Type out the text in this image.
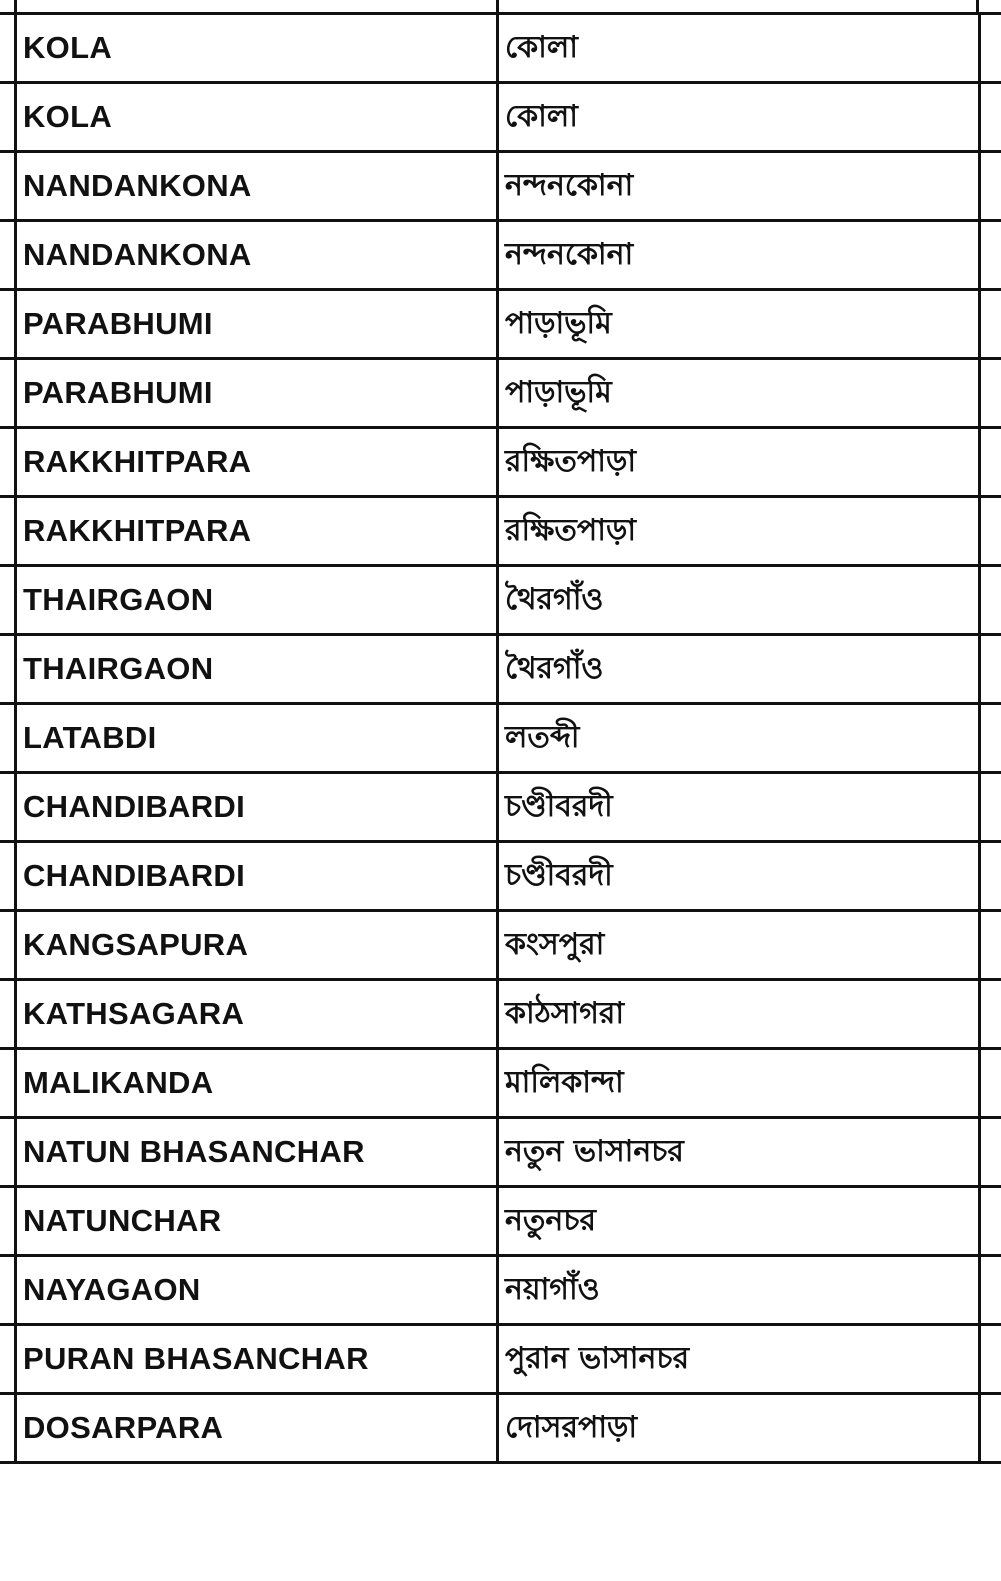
KOLA	কোলা
KOLA	কোলা
NANDANKONA	নন্দনকোনা
NANDANKONA	নন্দনকোনা
PARABHUMI	পাড়াভূমি
PARABHUMI	পাড়াভূমি
RAKKHITPARA	রক্ষিতপাড়া
RAKKHITPARA	রক্ষিতপাড়া
THAIRGAON	থৈরগাঁও
THAIRGAON	থৈরগাঁও
LATABDI	লতব্দী
CHANDIBARDI	চণ্ডীবরদী
CHANDIBARDI	চণ্ডীবরদী
KANGSAPURA	কংসপুরা
KATHSAGARA	কাঠসাগরা
MALIKANDA	মালিকান্দা
NATUN BHASANCHAR	নতুন ভাসানচর
NATUNCHAR	নতুনচর
NAYAGAON	নয়াগাঁও
PURAN BHASANCHAR	পুরান ভাসানচর
DOSARPARA	দোসরপাড়া
